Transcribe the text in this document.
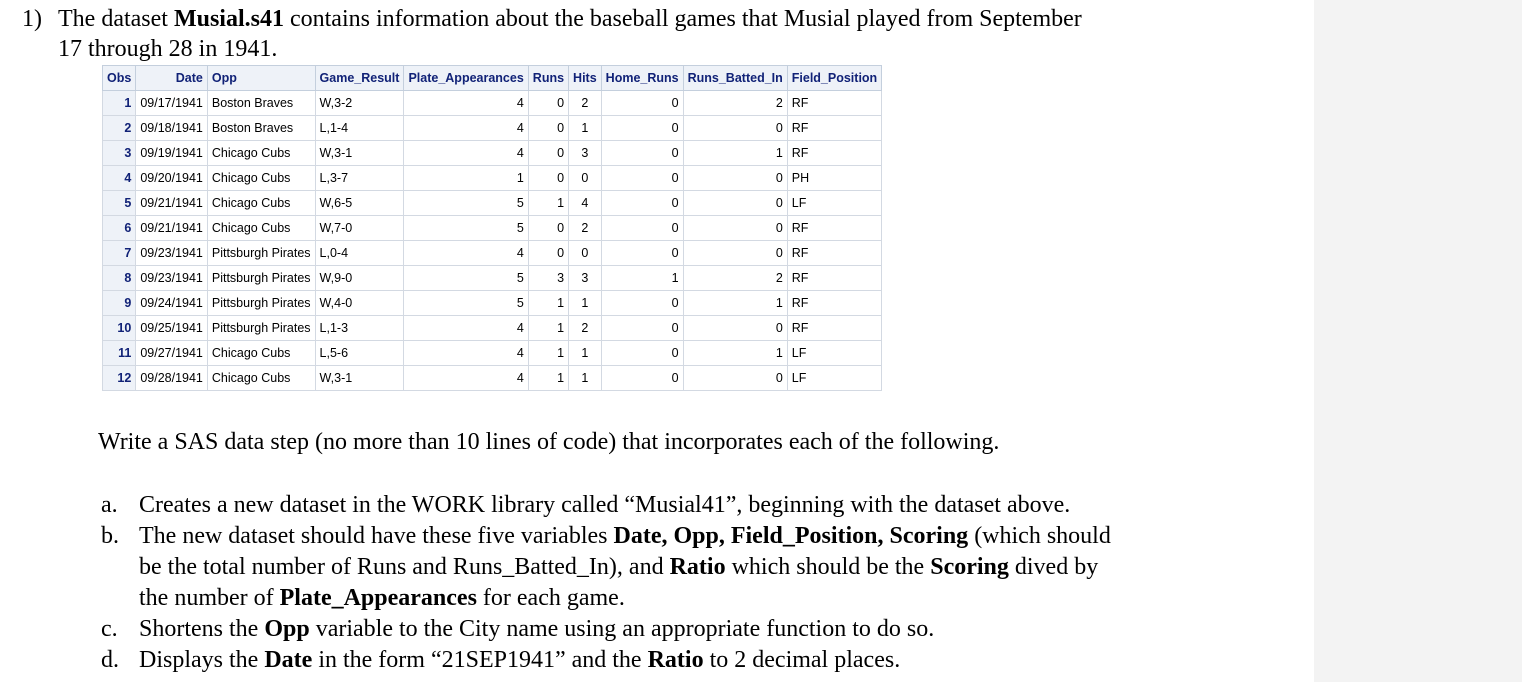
1) The dataset Musial.s41 contains information about the baseball games that Musial played from September
17 through 28 in 1941.
Obs	Date	Opp	Game_Result	Plate_Appearances	Runs	Hits	Home_Runs	Runs_Batted_In	Field_Position
1	09/17/1941	Boston Braves	W,3-2	4	0	2	0	2	RF
2	09/18/1941	Boston Braves	L,1-4	4	0	1	0	0	RF
3	09/19/1941	Chicago Cubs	W,3-1	4	0	3	0	1	RF
4	09/20/1941	Chicago Cubs	L,3-7	1	0	0	0	0	PH
5	09/21/1941	Chicago Cubs	W,6-5	5	1	4	0	0	LF
6	09/21/1941	Chicago Cubs	W,7-0	5	0	2	0	0	RF
7	09/23/1941	Pittsburgh Pirates	L,0-4	4	0	0	0	0	RF
8	09/23/1941	Pittsburgh Pirates	W,9-0	5	3	3	1	2	RF
9	09/24/1941	Pittsburgh Pirates	W,4-0	5	1	1	0	1	RF
10	09/25/1941	Pittsburgh Pirates	L,1-3	4	1	2	0	0	RF
11	09/27/1941	Chicago Cubs	L,5-6	4	1	1	0	1	LF
12	09/28/1941	Chicago Cubs	W,3-1	4	1	1	0	0	LF
Write a SAS data step (no more than 10 lines of code) that incorporates each of the following.
a. Creates a new dataset in the WORK library called “Musial41”, beginning with the dataset above.
b. The new dataset should have these five variables Date, Opp, Field_Position, Scoring (which should
be the total number of Runs and Runs_Batted_In), and Ratio which should be the Scoring dived by
the number of Plate_Appearances for each game.
c. Shortens the Opp variable to the City name using an appropriate function to do so.
d. Displays the Date in the form “21SEP1941” and the Ratio to 2 decimal places.
